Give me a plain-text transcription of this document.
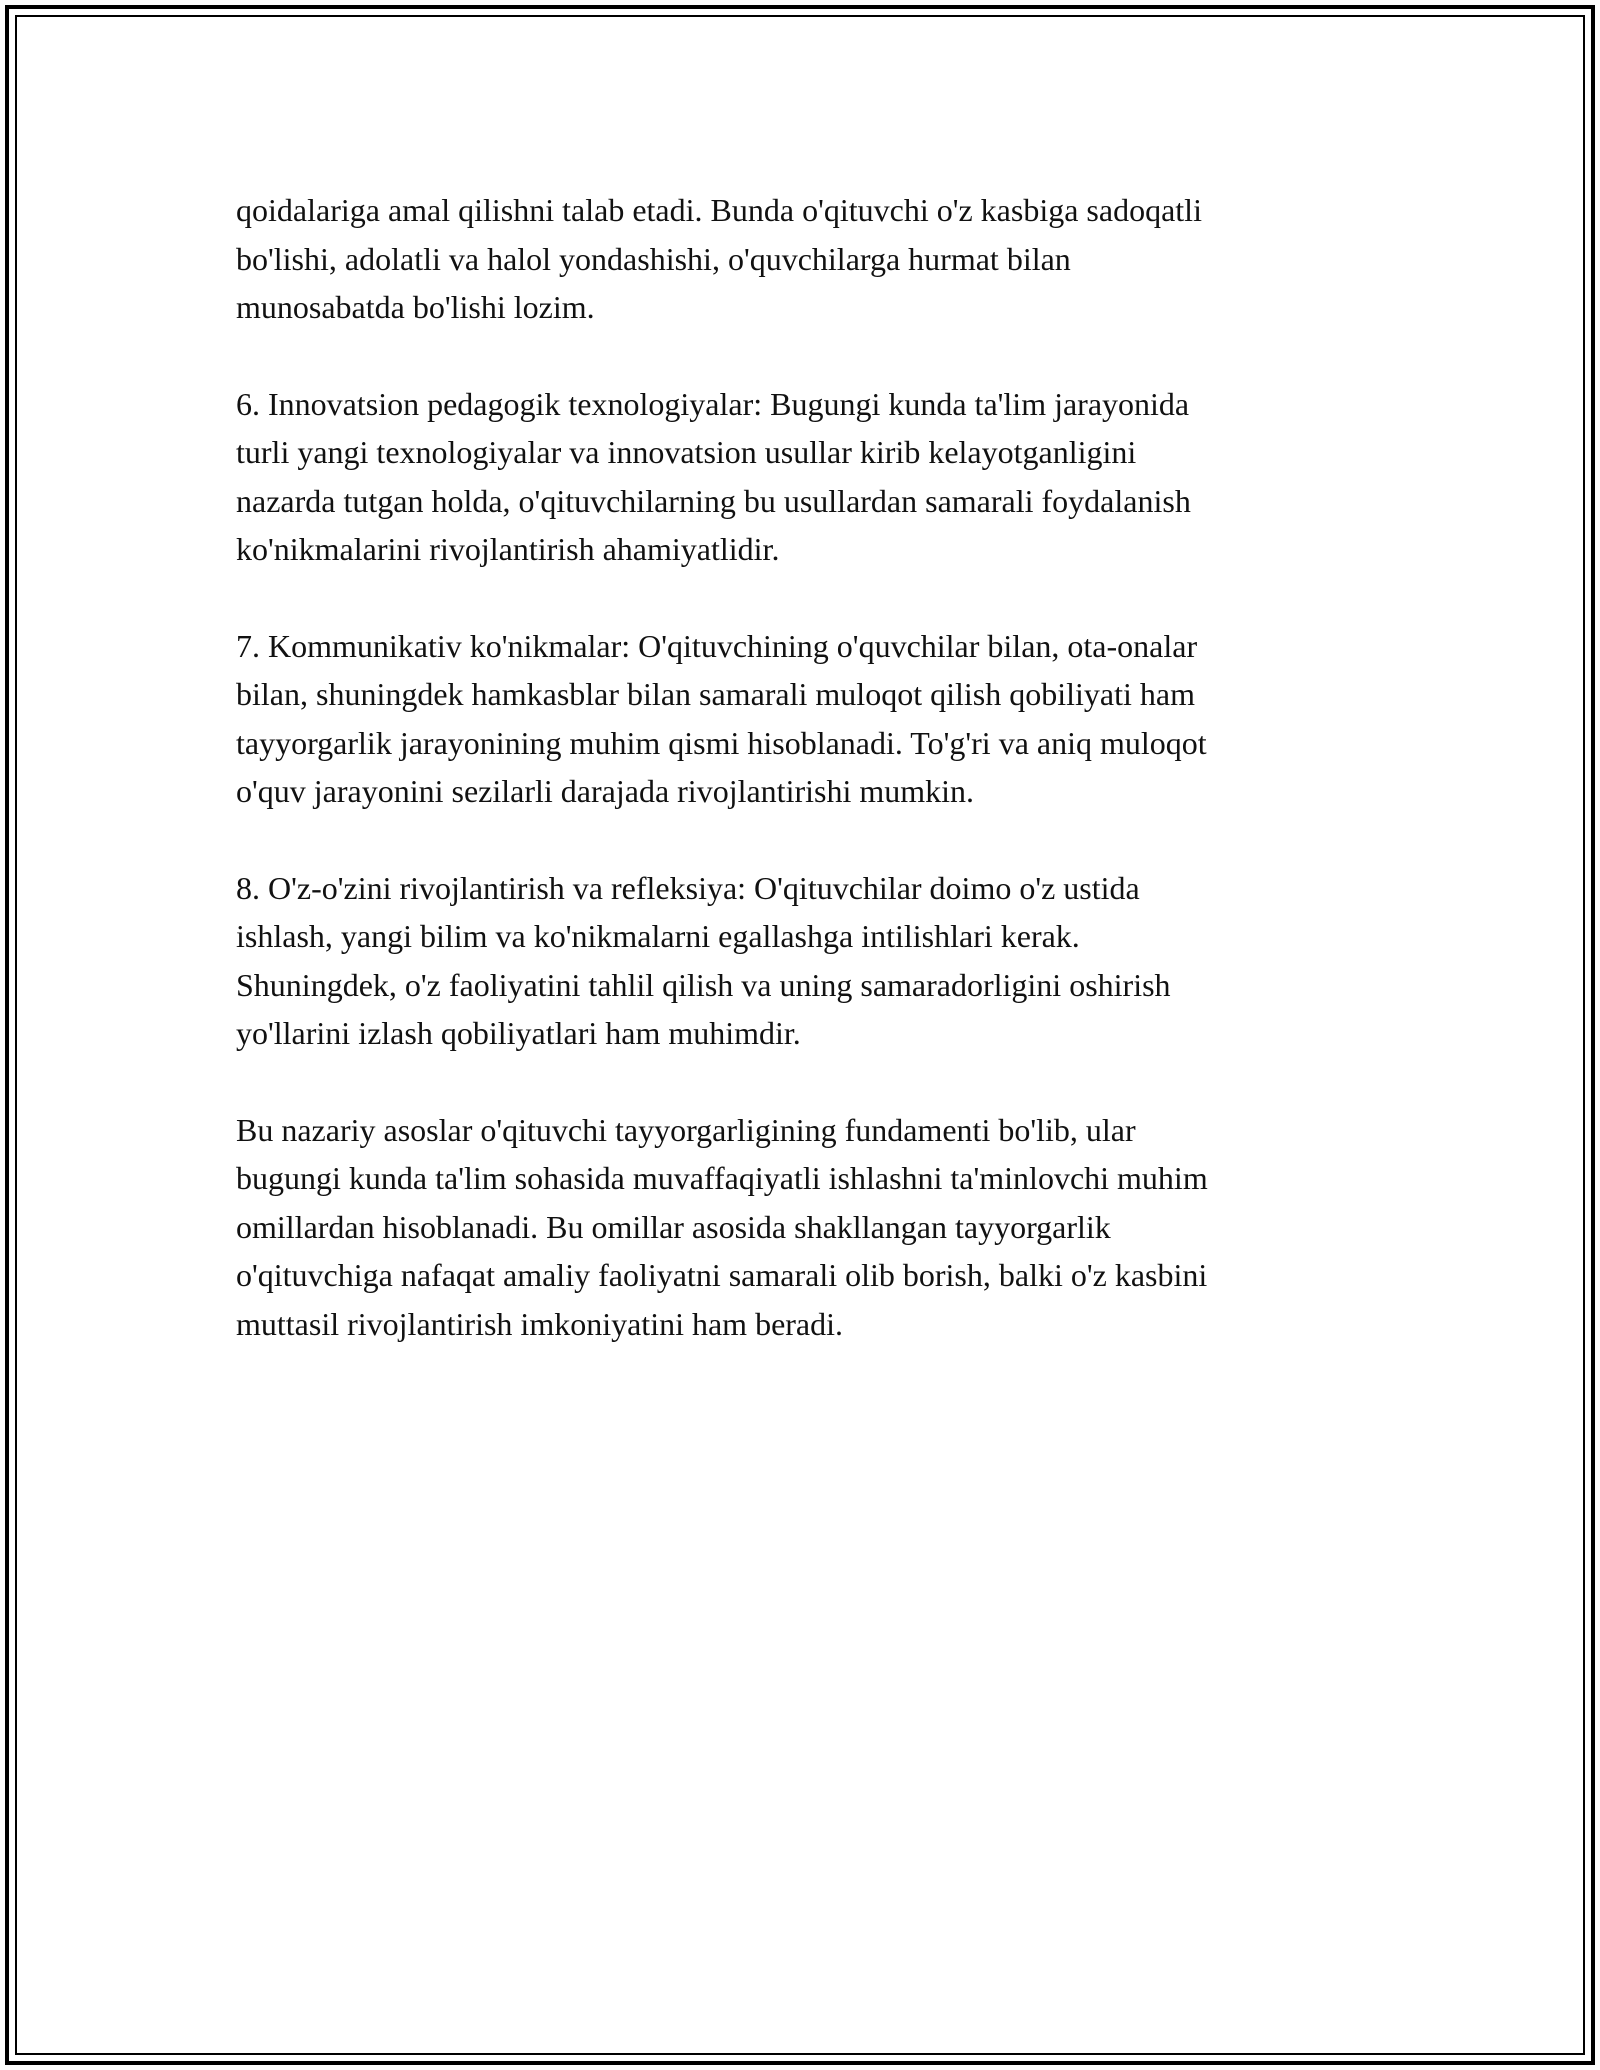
qoidalariga amal qilishni talab etadi. Bunda o'qituvchi o'z kasbiga sadoqatli
bo'lishi, adolatli va halol yondashishi, o'quvchilarga hurmat bilan
munosabatda bo'lishi lozim.

6. Innovatsion pedagogik texnologiyalar: Bugungi kunda ta'lim jarayonida
turli yangi texnologiyalar va innovatsion usullar kirib kelayotganligini
nazarda tutgan holda, o'qituvchilarning bu usullardan samarali foydalanish
ko'nikmalarini rivojlantirish ahamiyatlidir.

7. Kommunikativ ko'nikmalar: O'qituvchining o'quvchilar bilan, ota-onalar
bilan, shuningdek hamkasblar bilan samarali muloqot qilish qobiliyati ham
tayyorgarlik jarayonining muhim qismi hisoblanadi. To'g'ri va aniq muloqot
o'quv jarayonini sezilarli darajada rivojlantirishi mumkin.

8. O'z-o'zini rivojlantirish va refleksiya: O'qituvchilar doimo o'z ustida
ishlash, yangi bilim va ko'nikmalarni egallashga intilishlari kerak.
Shuningdek, o'z faoliyatini tahlil qilish va uning samaradorligini oshirish
yo'llarini izlash qobiliyatlari ham muhimdir.

Bu nazariy asoslar o'qituvchi tayyorgarligining fundamenti bo'lib, ular
bugungi kunda ta'lim sohasida muvaffaqiyatli ishlashni ta'minlovchi muhim
omillardan hisoblanadi. Bu omillar asosida shakllangan tayyorgarlik
o'qituvchiga nafaqat amaliy faoliyatni samarali olib borish, balki o'z kasbini
muttasil rivojlantirish imkoniyatini ham beradi.
